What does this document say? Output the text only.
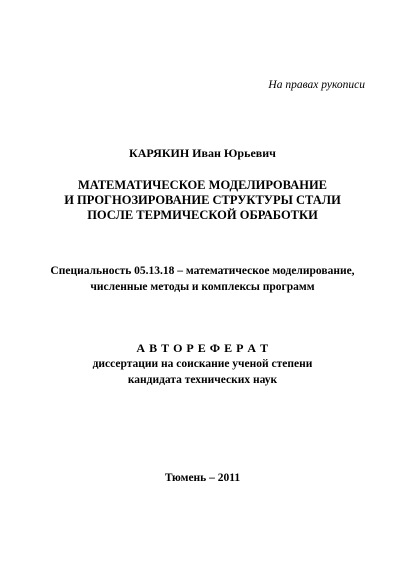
На правах рукописи
КАРЯКИН Иван Юрьевич
МАТЕМАТИЧЕСКОЕ МОДЕЛИРОВАНИЕ
И ПРОГНОЗИРОВАНИЕ СТРУКТУРЫ СТАЛИ
ПОСЛЕ ТЕРМИЧЕСКОЙ ОБРАБОТКИ
Специальность 05.13.18 – математическое моделирование,
численные методы и комплексы программ
А В Т О Р Е Ф Е Р А Т
диссертации на соискание ученой степени
кандидата технических наук
Тюмень – 2011
